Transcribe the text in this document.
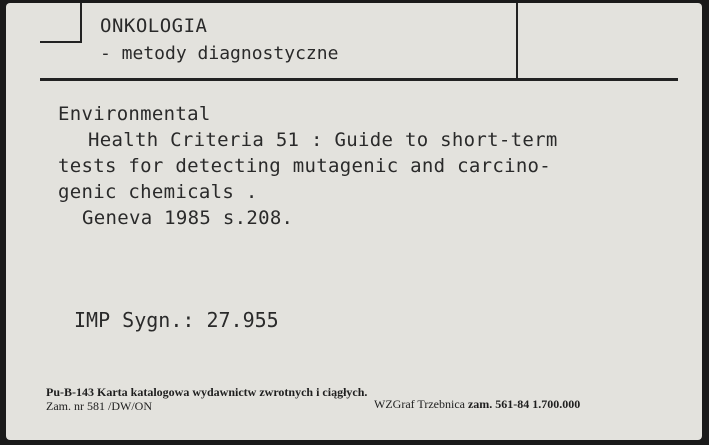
ONKOLOGIA
- metody diagnostyczne
Environmental
Health Criteria 51 : Guide to short-term
tests for detecting mutagenic and carcino-
genic chemicals .
Geneva 1985 s.208.
IMP Sygn.: 27.955
Pu-B-143 Karta katalogowa wydawnictw zwrotnych i ciągłych.
Zam. nr 581 /DW/ON	WZGraf Trzebnica zam. 561-84 1.700.000
